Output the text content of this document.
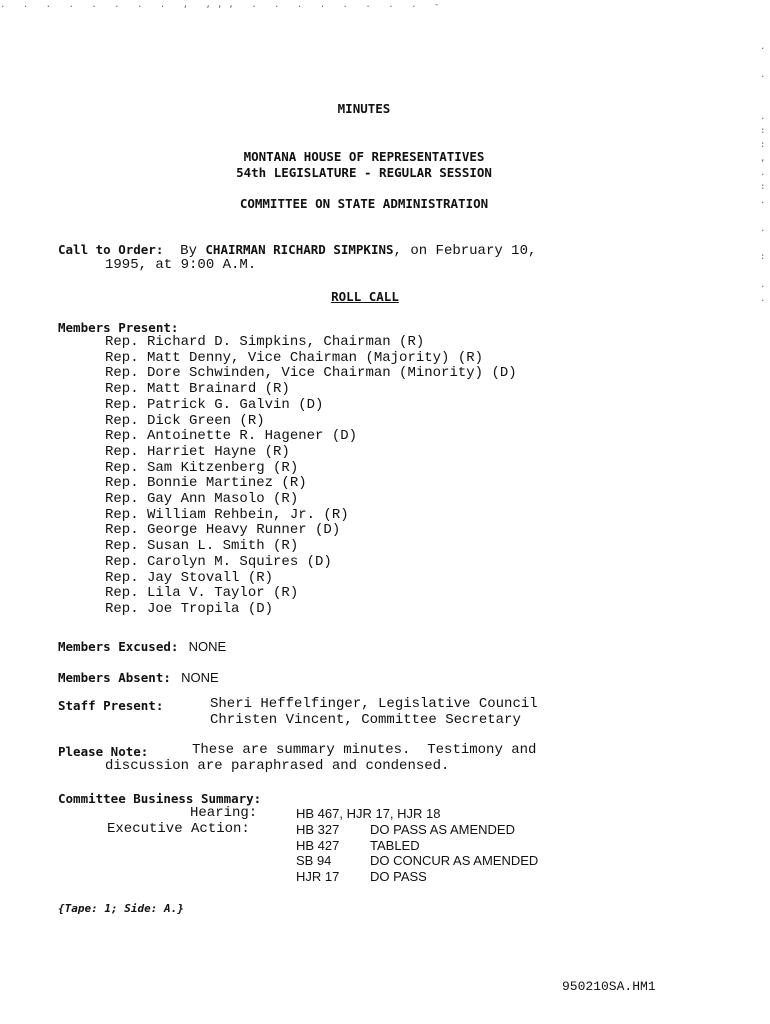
MINUTES
MONTANA HOUSE OF REPRESENTATIVES
54th LEGISLATURE - REGULAR SESSION
COMMITTEE ON STATE ADMINISTRATION
Call to Order: By CHAIRMAN RICHARD SIMPKINS, on February 10,
1995, at 9:00 A.M.
ROLL CALL
Members Present:
Rep. Richard D. Simpkins, Chairman (R)
Rep. Matt Denny, Vice Chairman (Majority) (R)
Rep. Dore Schwinden, Vice Chairman (Minority) (D)
Rep. Matt Brainard (R)
Rep. Patrick G. Galvin (D)
Rep. Dick Green (R)
Rep. Antoinette R. Hagener (D)
Rep. Harriet Hayne (R)
Rep. Sam Kitzenberg (R)
Rep. Bonnie Martinez (R)
Rep. Gay Ann Masolo (R)
Rep. William Rehbein, Jr. (R)
Rep. George Heavy Runner (D)
Rep. Susan L. Smith (R)
Rep. Carolyn M. Squires (D)
Rep. Jay Stovall (R)
Rep. Lila V. Taylor (R)
Rep. Joe Tropila (D)
Members Excused: NONE
Members Absent: NONE
Staff Present:	Sheri Heffelfinger, Legislative Council
Christen Vincent, Committee Secretary
Please Note:	These are summary minutes.  Testimony and
discussion are paraphrased and condensed.
Committee Business Summary:
Hearing:	HB 467, HJR 17, HJR 18
Executive Action:	HB 327 DO PASS AS AMENDED
HB 427 TABLED
SB 94	DO CONCUR AS AMENDED
HJR 17 DO PASS
{Tape: 1; Side: A.}
950210SA.HM1
. . . . . . . . , ,,, . . . . . . . . -
.

.

.
:
:
,
.
:
.

.

:

.
.
